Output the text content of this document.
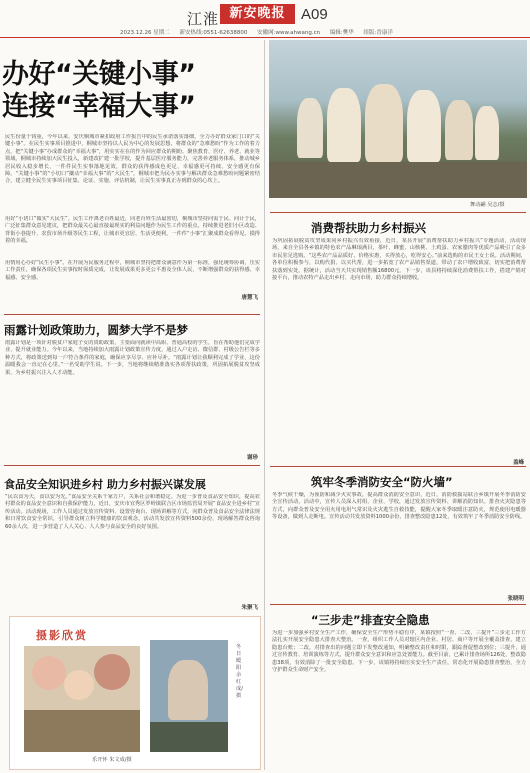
江淮 新安晚报	A09
2023.12.26 星期二 新安热线:0551-62638800 安徽网:www.ahwang.cn 编辑:樊华 组版:晋康洋
办好“关键小事”
连接“幸福大事”
民生份量千钧重，今年以来，安庆桐城市紧扣政府工作报告中的民生承诺落实落细，全力办好群众家门口的“关键小事”。在民生实事项目推进中，桐城市坚持以人民为中心的发展思想，将群众的“急难愁盼”作为工作的着力点，把“关键小事”办成群众的“幸福大事”，用实实在在的作为回应群众的期盼。聚焦教育、医疗、养老、就业等领域，桐城市持续加大民生投入，新建改扩建一批学校，提升基层医疗服务能力，完善养老服务体系，推动城乡居民收入稳步增长，一件件民生实事落地见效，群众的获得感成色更足、幸福感更可持续、安全感更有保障。“关键小事”的“小切口”撬动“幸福大事”的“大民生”，桐城市把为民办实事与解决群众急难愁盼问题紧密结合，建立健全民生实事项目征集、论证、实施、评估机制，让民生实事真正办到群众的心坎上。
用好“小切口”做实“大民生”。民生工作离老百姓最近，同老百姓生活最密切，桐城市坚持问需于民、问计于民，广泛征集群众意见建议，把群众最关心最直接最现实的利益问题作为民生工作的重点，持续推进老旧小区改造、背街小巷提升、农贸市场升级等民生工程，让城市更宜居、生活更便利，一件件“小事”汇聚成群众看得见、摸得着的幸福。
用情用心办好“民生小事”。在开展为民服务过程中，桐城市坚持把群众满意作为第一标准，强化统筹协调，压实工作责任，确保各项民生实事按时保质完成，让发展成果更多更公平惠及全体人民，不断增强群众的获得感、幸福感、安全感。
唐慧飞
舞动翩 吴志/摄
雨露计划政策助力，圆梦大学不是梦
雨露计划是一项针对脱贫户家庭子女的资助政策，主要面向就读中高职、普通高校的学生，旨在帮助他们完成学业、提升就业能力。今年以来，当地持续加大雨露计划政策宣传力度，通过入户走访、微信群、村级公告栏等多种方式，将政策送到每一户符合条件的家庭，确保应享尽享、应补尽补。“雨露计划让我顺利完成了学业，这份温暖我会一直记在心里。”一名受助学生说。下一步，当地将继续精准落实各项帮扶政策，巩固拓展脱贫攻坚成果，为乡村振兴注入人才动能。
谢珍
食品安全知识进乡村 助力乡村振兴谋发展
“民以食为天，食以安为先。”食品安全关系千家万户，关系社会和谐稳定。为进一步普及食品安全知识，提高农村群众的食品安全意识和自我保护能力，近日，安庆市宜秀区罗岭镇联合区市场监管局开展“食品安全进乡村”宣传活动。活动现场，工作人员通过发放宣传资料、设置咨询台、现场讲解等方式，向群众普及食品安全法律法规和日常饮食安全常识，引导群众树立科学健康的饮食观念，活动共发放宣传资料500余份，现场解答群众咨询60余人次，进一步营造了人人关心、人人参与食品安全的良好氛围。
朱聚飞
摄影欣赏
乐开怀 朱文成/摄
冬日暖阳 余红成/摄
消费帮扶助力乡村振兴
为巩固拓展脱贫攻坚成果同乡村振兴有效衔接，近日，某县开展“消费帮扶助力乡村振兴”专题活动，活动现场，来自全县各乡镇的特色农产品琳琅满目，茶叶、蜂蜜、山核桃、土鸡蛋、农家腊肉等优质产品吸引了众多市民驻足选购。“这些农产品品质好、价格实惠，买得放心，吃得安心。”前来选购的市民王女士说。活动期间，各单位积极参与，以购代捐、以买代帮，进一步拓宽了农产品销售渠道，带动了农户增收致富，切实把消费帮扶落到实处。据统计，活动当天共实现销售额16800元。下一步，该县将持续深化消费帮扶工作，搭建产销对接平台，推动农特产品走出乡村、走向市场，助力群众持续增收。
盖峰
筑牢冬季消防安全“防火墙”
冬季气候干燥，为预防和减少火灾事故，提高群众消防安全意识，近日，消防救援站联合乡镇开展冬季消防安全宣传活动。活动中，宣传人员深入村组、企业、学校，通过发放宣传资料、讲解消防知识、排查火灾隐患等方式，向群众普及安全用火用电用气常识及火灾逃生自救技能，提醒大家冬季取暖注意防火，规范使用电暖器等设备，做到人走断电。宣传活动共发放资料1000余份，排查整改隐患12处，有效筑牢了冬季消防安全防线。
张晓明
“三步走”排查安全隐患
为进一步加强乡村安全生产工作，确保安全生产形势平稳有序，某镇按照“一查、二改、三提升”三步走工作方法扎实开展安全隐患大排查大整治。一查，组织工作人员对辖区内企业、村居、商户等开展全覆盖排查，建立隐患台账；二改，对排查出的问题立即下发整改通知，明确整改责任和时限，跟踪督促整改到位；三提升，通过宣传教育、培训演练等方式，提升群众安全意识和应急处置能力。截至目前，已累计排查场所126处，整改隐患38项，有效消除了一批安全隐患。下一步，该镇将持续压实安全生产责任，常态化开展隐患排查整治，全力守护群众生命财产安全。
